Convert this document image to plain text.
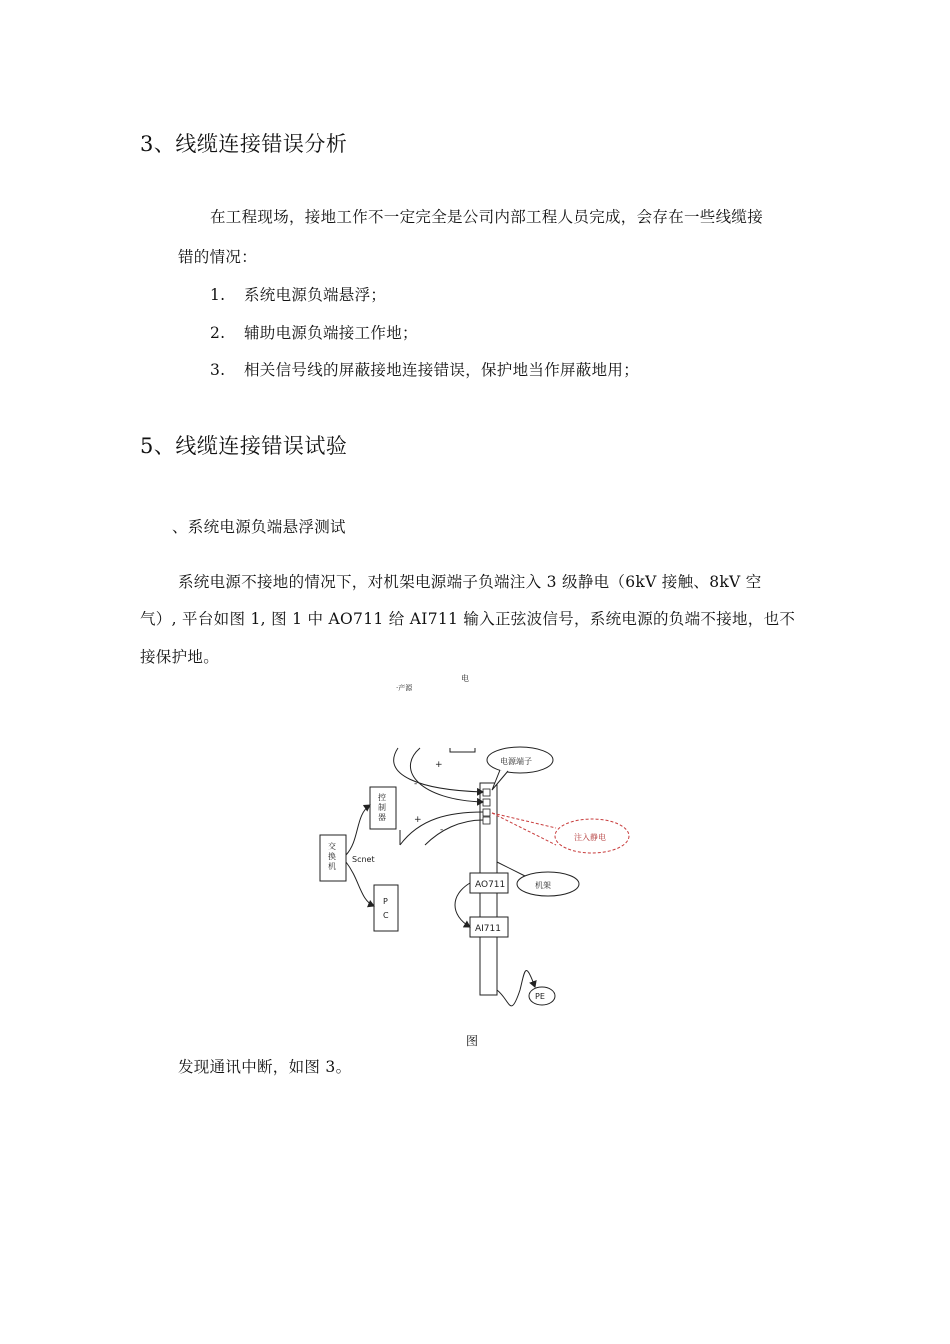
3、线缆连接错误分析
在工程现场，接地工作不一定完全是公司内部工程人员完成，会存在一些线缆接
错的情况：
1. 系统电源负端悬浮；
2. 辅助电源负端接工作地；
3. 相关信号线的屏蔽接地连接错误，保护地当作屏蔽地用；
5、线缆连接错误试验
、系统电源负端悬浮测试
系统电源不接地的情况下，对机架电源端子负端注入 3 级静电（6kV 接触、8kV 空
气）, 平台如图 1, 图 1 中 AO711 给 AI711 输入正弦波信号，系统电源的负端不接地，也不
接保护地。
电
·产源
AO711
AI711
控制器
交换机
Scnet
P
C
+
-
+
-
电源端子
注入静电
机架
PE
图
发现通讯中断，如图 3。
